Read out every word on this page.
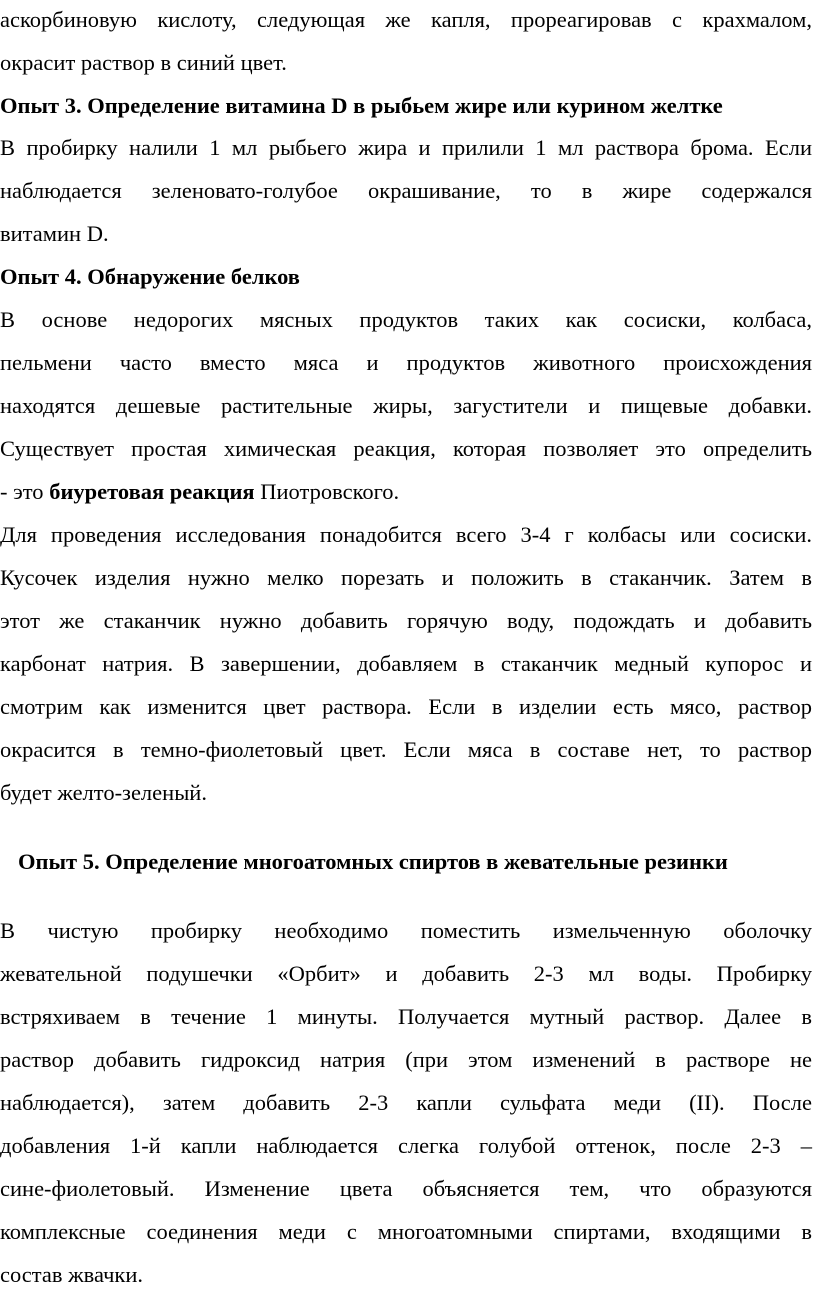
аскорбиновую кислоту, следующая же капля, прореагировав с крахмалом,
окрасит раствор в синий цвет.
Опыт 3. Определение витамина D в рыбьем жире или курином желтке
В пробирку налили 1 мл рыбьего жира и прилили 1 мл раствора брома. Если
наблюдается зеленовато-голубое окрашивание, то в жире содержался
витамин D.
Опыт 4. Обнаружение белков
В основе недорогих мясных продуктов таких как сосиски, колбаса,
пельмени часто вместо мяса и продуктов животного происхождения
находятся дешевые растительные жиры, загустители и пищевые добавки.
Существует простая химическая реакция, которая позволяет это определить
- это биуретовая реакция Пиотровского.
Для проведения исследования понадобится всего 3-4 г колбасы или сосиски.
Кусочек изделия нужно мелко порезать и положить в стаканчик. Затем в
этот же стаканчик нужно добавить горячую воду, подождать и добавить
карбонат натрия. В завершении, добавляем в стаканчик медный купорос и
смотрим как изменится цвет раствора. Если в изделии есть мясо, раствор
окрасится в темно-фиолетовый цвет. Если мяса в составе нет, то раствор
будет желто-зеленый.
Опыт 5. Определение многоатомных спиртов в жевательные резинки
В чистую пробирку необходимо поместить измельченную оболочку
жевательной подушечки «Орбит» и добавить 2-3 мл воды. Пробирку
встряхиваем в течение 1 минуты. Получается мутный раствор. Далее в
раствор добавить гидроксид натрия (при этом изменений в растворе не
наблюдается), затем добавить 2-3 капли сульфата меди (II). После
добавления 1-й капли наблюдается слегка голубой оттенок, после 2-3 –
сине-фиолетовый. Изменение цвета объясняется тем, что образуются
комплексные соединения меди с многоатомными спиртами, входящими в
состав жвачки.
